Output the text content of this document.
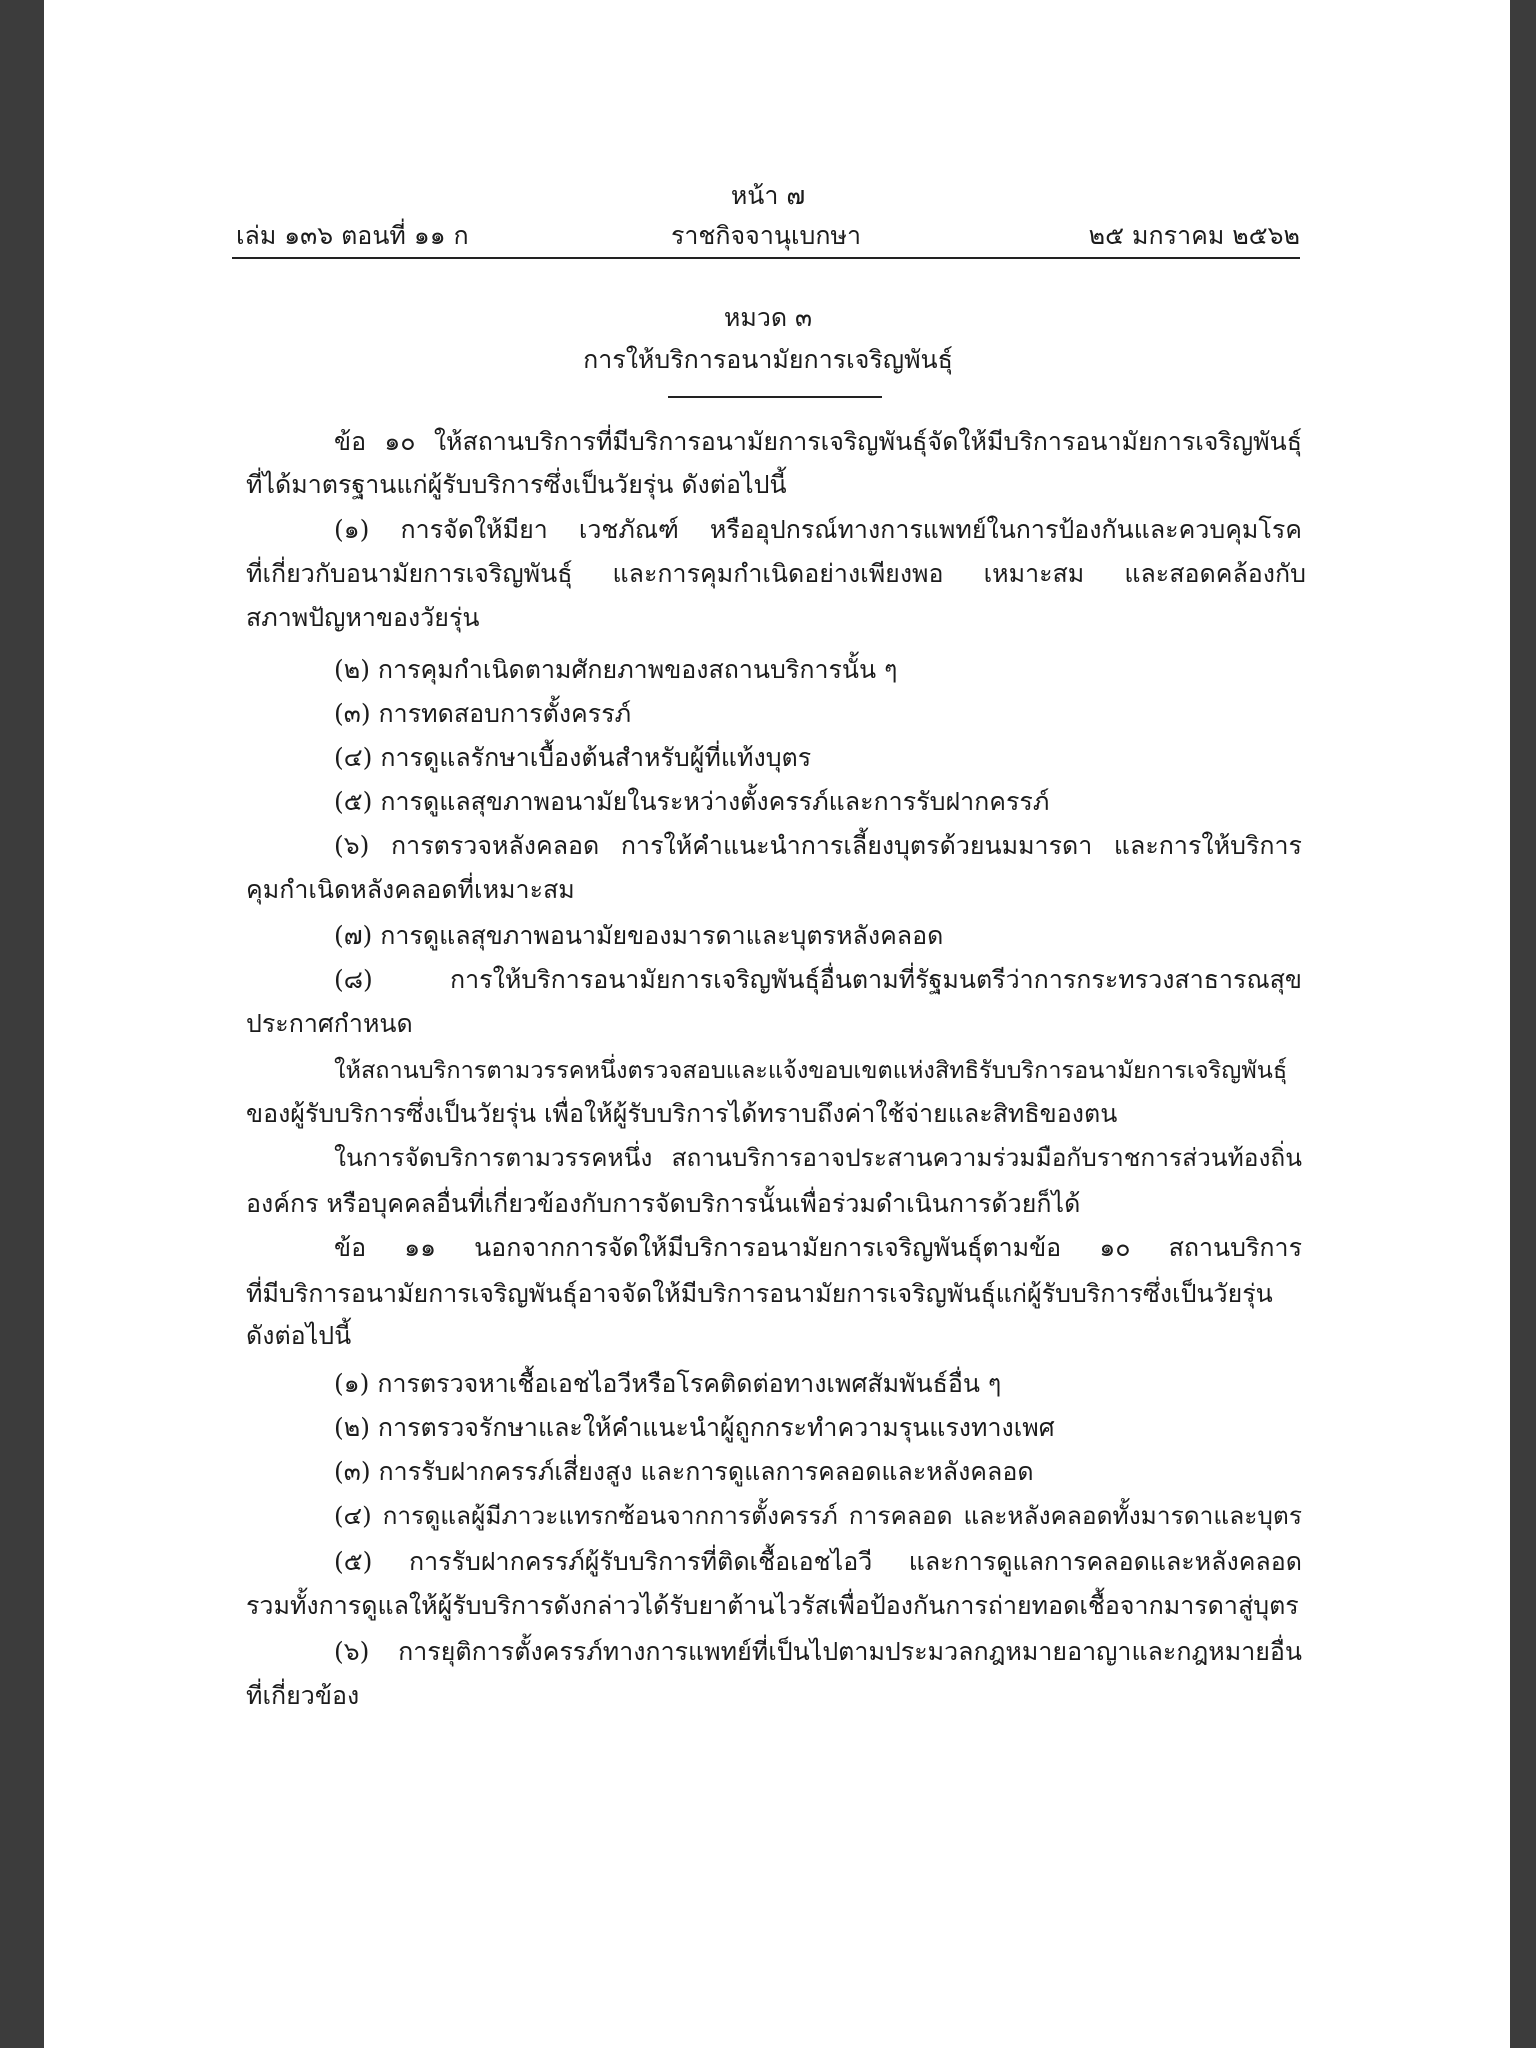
หน้า ๗
เล่ม ๑๓๖ ตอนที่ ๑๑ ก	ราชกิจจานุเบกษา	๒๕ มกราคม ๒๕๖๒
หมวด ๓
การให้บริการอนามัยการเจริญพันธุ์
ข้อ ๑๐ ให้สถานบริการที่มีบริการอนามัยการเจริญพันธุ์จัดให้มีบริการอนามัยการเจริญพันธุ์
ที่ได้มาตรฐานแก่ผู้รับบริการซึ่งเป็นวัยรุ่น ดังต่อไปนี้
(๑) การจัดให้มียา เวชภัณฑ์ หรืออุปกรณ์ทางการแพทย์ในการป้องกันและควบคุมโรค
ที่เกี่ยวกับอนามัยการเจริญพันธุ์ และการคุมกำเนิดอย่างเพียงพอ เหมาะสม และสอดคล้องกับ
สภาพปัญหาของวัยรุ่น
(๒) การคุมกำเนิดตามศักยภาพของสถานบริการนั้น ๆ
(๓) การทดสอบการตั้งครรภ์
(๔) การดูแลรักษาเบื้องต้นสำหรับผู้ที่แท้งบุตร
(๕) การดูแลสุขภาพอนามัยในระหว่างตั้งครรภ์และการรับฝากครรภ์
(๖) การตรวจหลังคลอด การให้คำแนะนำการเลี้ยงบุตรด้วยนมมารดา และการให้บริการ
คุมกำเนิดหลังคลอดที่เหมาะสม
(๗) การดูแลสุขภาพอนามัยของมารดาและบุตรหลังคลอด
(๘) การให้บริการอนามัยการเจริญพันธุ์อื่นตามที่รัฐมนตรีว่าการกระทรวงสาธารณสุข
ประกาศกำหนด
ให้สถานบริการตามวรรคหนึ่งตรวจสอบและแจ้งขอบเขตแห่งสิทธิรับบริการอนามัยการเจริญพันธุ์
ของผู้รับบริการซึ่งเป็นวัยรุ่น เพื่อให้ผู้รับบริการได้ทราบถึงค่าใช้จ่ายและสิทธิของตน
ในการจัดบริการตามวรรคหนึ่ง สถานบริการอาจประสานความร่วมมือกับราชการส่วนท้องถิ่น
องค์กร หรือบุคคลอื่นที่เกี่ยวข้องกับการจัดบริการนั้นเพื่อร่วมดำเนินการด้วยก็ได้
ข้อ ๑๑ นอกจากการจัดให้มีบริการอนามัยการเจริญพันธุ์ตามข้อ ๑๐ สถานบริการ
ที่มีบริการอนามัยการเจริญพันธุ์อาจจัดให้มีบริการอนามัยการเจริญพันธุ์แก่ผู้รับบริการซึ่งเป็นวัยรุ่น
ดังต่อไปนี้
(๑) การตรวจหาเชื้อเอชไอวีหรือโรคติดต่อทางเพศสัมพันธ์อื่น ๆ
(๒) การตรวจรักษาและให้คำแนะนำผู้ถูกกระทำความรุนแรงทางเพศ
(๓) การรับฝากครรภ์เสี่ยงสูง และการดูแลการคลอดและหลังคลอด
(๔) การดูแลผู้มีภาวะแทรกซ้อนจากการตั้งครรภ์ การคลอด และหลังคลอดทั้งมารดาและบุตร
(๕) การรับฝากครรภ์ผู้รับบริการที่ติดเชื้อเอชไอวี และการดูแลการคลอดและหลังคลอด
รวมทั้งการดูแลให้ผู้รับบริการดังกล่าวได้รับยาต้านไวรัสเพื่อป้องกันการถ่ายทอดเชื้อจากมารดาสู่บุตร
(๖) การยุติการตั้งครรภ์ทางการแพทย์ที่เป็นไปตามประมวลกฎหมายอาญาและกฎหมายอื่น
ที่เกี่ยวข้อง
